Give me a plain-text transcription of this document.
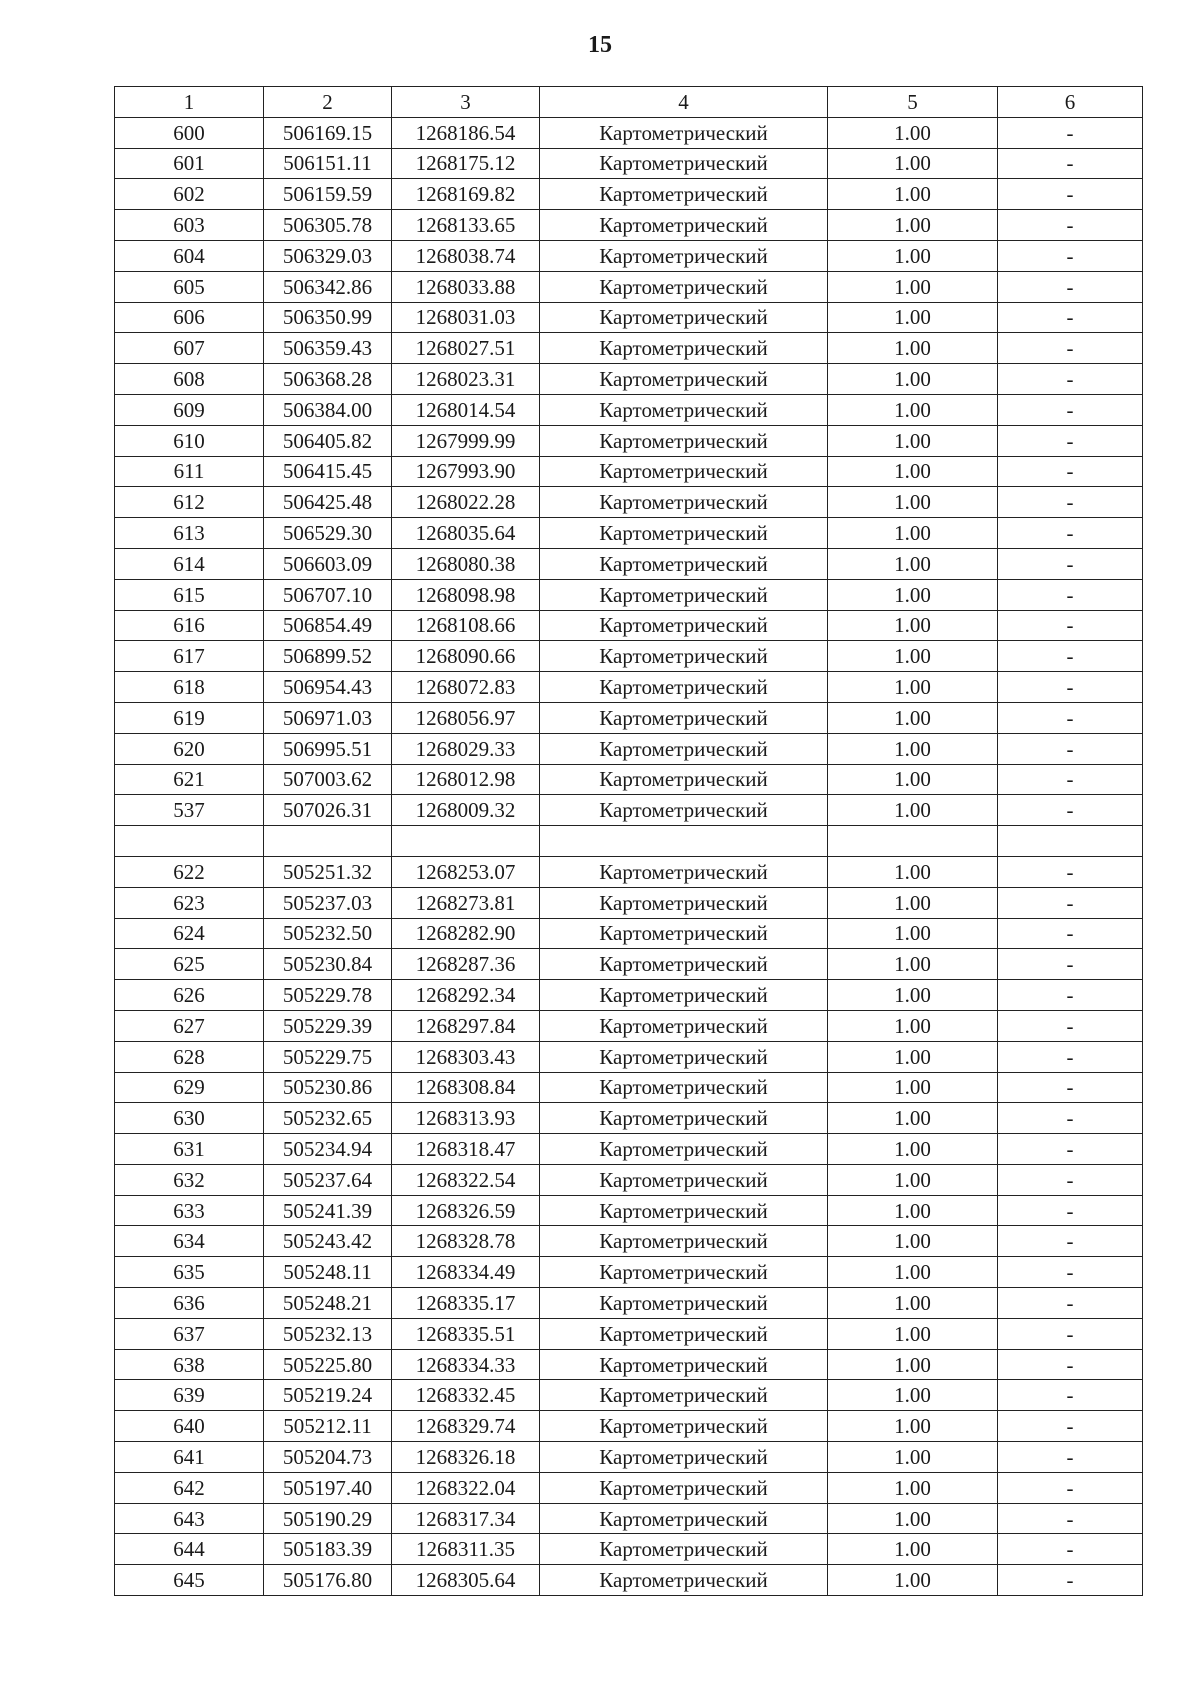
15
1	2	3	4	5	6
600	506169.15	1268186.54	Картометрический	1.00	-
601	506151.11	1268175.12	Картометрический	1.00	-
602	506159.59	1268169.82	Картометрический	1.00	-
603	506305.78	1268133.65	Картометрический	1.00	-
604	506329.03	1268038.74	Картометрический	1.00	-
605	506342.86	1268033.88	Картометрический	1.00	-
606	506350.99	1268031.03	Картометрический	1.00	-
607	506359.43	1268027.51	Картометрический	1.00	-
608	506368.28	1268023.31	Картометрический	1.00	-
609	506384.00	1268014.54	Картометрический	1.00	-
610	506405.82	1267999.99	Картометрический	1.00	-
611	506415.45	1267993.90	Картометрический	1.00	-
612	506425.48	1268022.28	Картометрический	1.00	-
613	506529.30	1268035.64	Картометрический	1.00	-
614	506603.09	1268080.38	Картометрический	1.00	-
615	506707.10	1268098.98	Картометрический	1.00	-
616	506854.49	1268108.66	Картометрический	1.00	-
617	506899.52	1268090.66	Картометрический	1.00	-
618	506954.43	1268072.83	Картометрический	1.00	-
619	506971.03	1268056.97	Картометрический	1.00	-
620	506995.51	1268029.33	Картометрический	1.00	-
621	507003.62	1268012.98	Картометрический	1.00	-
537	507026.31	1268009.32	Картометрический	1.00	-

622	505251.32	1268253.07	Картометрический	1.00	-
623	505237.03	1268273.81	Картометрический	1.00	-
624	505232.50	1268282.90	Картометрический	1.00	-
625	505230.84	1268287.36	Картометрический	1.00	-
626	505229.78	1268292.34	Картометрический	1.00	-
627	505229.39	1268297.84	Картометрический	1.00	-
628	505229.75	1268303.43	Картометрический	1.00	-
629	505230.86	1268308.84	Картометрический	1.00	-
630	505232.65	1268313.93	Картометрический	1.00	-
631	505234.94	1268318.47	Картометрический	1.00	-
632	505237.64	1268322.54	Картометрический	1.00	-
633	505241.39	1268326.59	Картометрический	1.00	-
634	505243.42	1268328.78	Картометрический	1.00	-
635	505248.11	1268334.49	Картометрический	1.00	-
636	505248.21	1268335.17	Картометрический	1.00	-
637	505232.13	1268335.51	Картометрический	1.00	-
638	505225.80	1268334.33	Картометрический	1.00	-
639	505219.24	1268332.45	Картометрический	1.00	-
640	505212.11	1268329.74	Картометрический	1.00	-
641	505204.73	1268326.18	Картометрический	1.00	-
642	505197.40	1268322.04	Картометрический	1.00	-
643	505190.29	1268317.34	Картометрический	1.00	-
644	505183.39	1268311.35	Картометрический	1.00	-
645	505176.80	1268305.64	Картометрический	1.00	-
